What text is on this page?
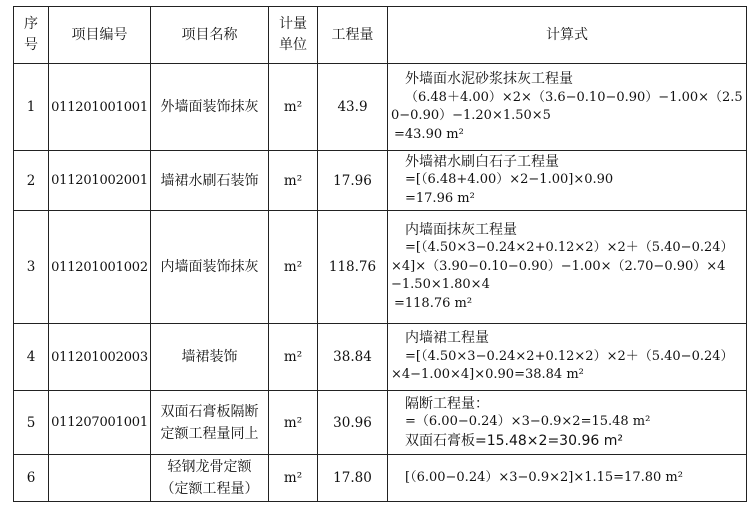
序号	项目编号	项目名称	计量单位	工程量	计算式
1	011201001001	外墙面装饰抹灰	m²	43.9	外墙面水泥砂浆抹灰工程量
（6.48＋4.00）×2×（3.6−0.10−0.90）−1.00×（2.50−0.90）−1.20×1.50×5
=43.90 m²

2	011201002001	墙裙水刷石装饰	m²	17.96	外墙裙水刷白石子工程量
=[（6.48+4.00）×2−1.00]×0.90
=17.96 m²

3	011201001002	内墙面装饰抹灰	m²	118.76	内墙面抹灰工程量
=[（4.50×3−0.24×2+0.12×2）×2＋（5.40−0.24）×4]×（3.90−0.10−0.90）−1.00×（2.70−0.90）×4−1.50×1.80×4
=118.76 m²

4	011201002003	墙裙装饰	m²	38.84	内墙裙工程量
=[（4.50×3−0.24×2+0.12×2）×2＋（5.40−0.24）×4−1.00×4]×0.90=38.84 m²

5	011207001001	双面石膏板隔断定额工程量同上	m²	30.96	隔断工程量：
=（6.00−0.24）×3−0.9×2=15.48 m²
双面石膏板=15.48×2=30.96 m²

6		轻钢龙骨定额（定额工程量）	m²	17.80	[（6.00−0.24）×3−0.9×2]×1.15=17.80 m²
